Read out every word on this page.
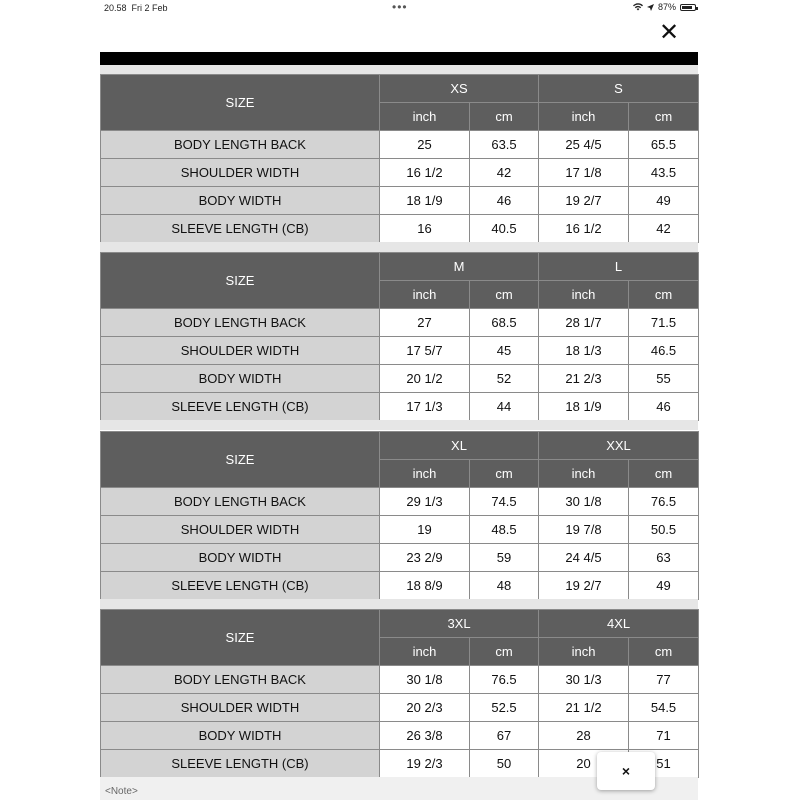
20.58 Fri 2 Feb	•••	87%
✕
SIZE	XS		S	
	inch	cm	inch	cm
BODY LENGTH BACK	25	63.5	25 4/5	65.5
SHOULDER WIDTH	16 1/2	42	17 1/8	43.5
BODY WIDTH	18 1/9	46	19 2/7	49
SLEEVE LENGTH (CB)	16	40.5	16 1/2	42
SIZE	M		L	
	inch	cm	inch	cm
BODY LENGTH BACK	27	68.5	28 1/7	71.5
SHOULDER WIDTH	17 5/7	45	18 1/3	46.5
BODY WIDTH	20 1/2	52	21 2/3	55
SLEEVE LENGTH (CB)	17 1/3	44	18 1/9	46
SIZE	XL		XXL	
	inch	cm	inch	cm
BODY LENGTH BACK	29 1/3	74.5	30 1/8	76.5
SHOULDER WIDTH	19	48.5	19 7/8	50.5
BODY WIDTH	23 2/9	59	24 4/5	63
SLEEVE LENGTH (CB)	18 8/9	48	19 2/7	49
SIZE	3XL		4XL	
	inch	cm	inch	cm
BODY LENGTH BACK	30 1/8	76.5	30 1/3	77
SHOULDER WIDTH	20 2/3	52.5	21 1/2	54.5
BODY WIDTH	26 3/8	67	28	71
SLEEVE LENGTH (CB)	19 2/3	50	20	51
<Note>
×
